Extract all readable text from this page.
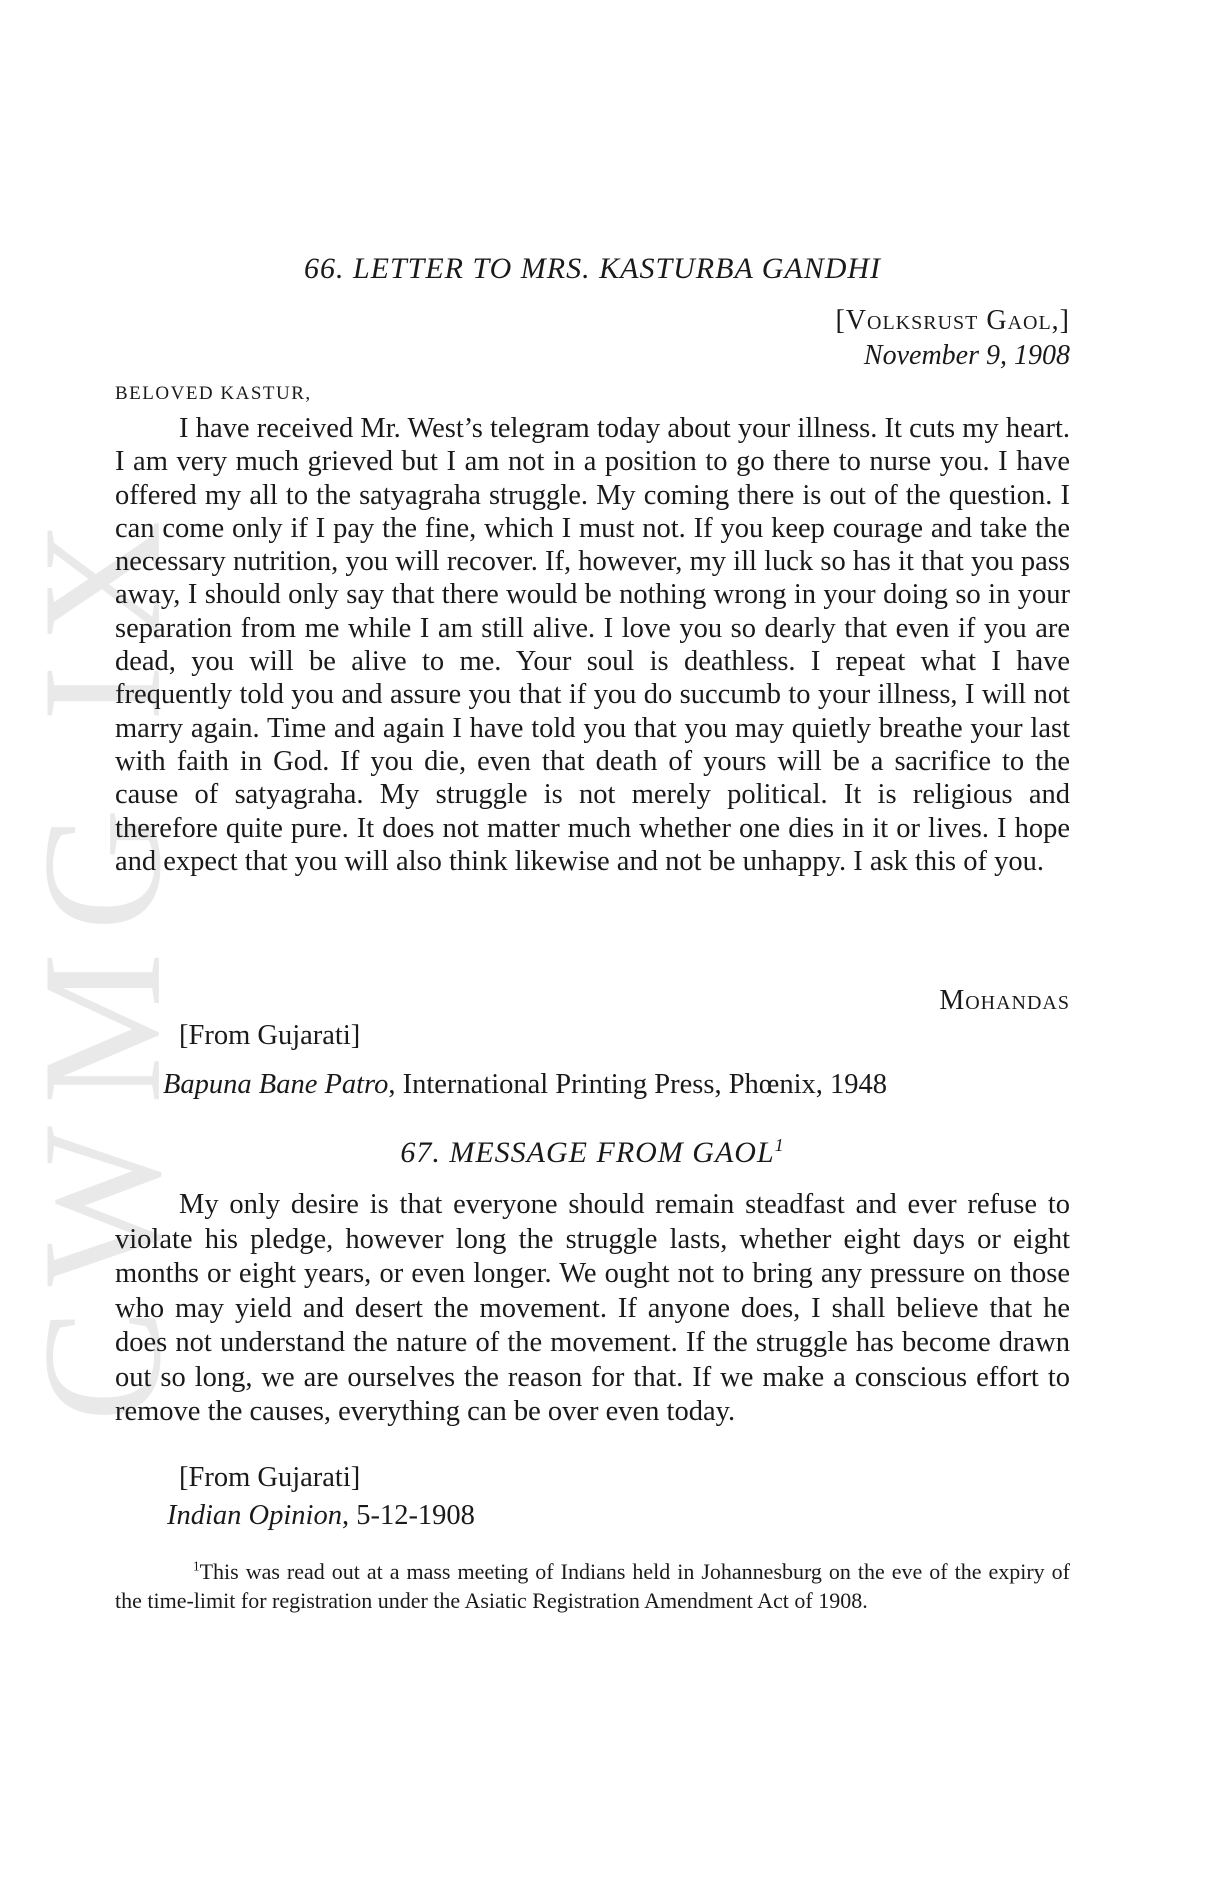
CWMG IX
66. LETTER TO MRS. KASTURBA GANDHI
[Volksrust Gaol,]
November 9, 1908
BELOVED KASTUR,

I have received Mr. West’s telegram today about your illness. It cuts my heart. I am very much grieved but I am not in a position to go there to nurse you. I have offered my all to the satyagraha struggle. My coming there is out of the question. I can come only if I pay the fine, which I must not. If you keep courage and take the necessary nutrition, you will recover. If, however, my ill luck so has it that you pass away, I should only say that there would be nothing wrong in your doing so in your separation from me while I am still alive. I love you so dearly that even if you are dead, you will be alive to me. Your soul is deathless. I repeat what I have frequently told you and assure you that if you do succumb to your illness, I will not marry again. Time and again I have told you that you may quietly breathe your last with faith in God. If you die, even that death of yours will be a sacrifice to the cause of satyagraha. My struggle is not merely political. It is religious and therefore quite pure. It does not matter much whether one dies in it or lives. I hope and expect that you will also think likewise and not be unhappy. I ask this of you.

Mohandas
[From Gujarati]
Bapuna Bane Patro, International Printing Press, Phœnix, 1948
67. MESSAGE FROM GAOL$^1$

My only desire is that everyone should remain steadfast and ever refuse to violate his pledge, however long the struggle lasts, whether eight days or eight months or eight years, or even longer. We ought not to bring any pressure on those who may yield and desert the movement. If anyone does, I shall believe that he does not understand the nature of the movement. If the struggle has become drawn out so long, we are ourselves the reason for that. If we make a conscious effort to remove the causes, everything can be over even today.

[From Gujarati]
Indian Opinion, 5-12-1908

$^1$This was read out at a mass meeting of Indians held in Johannesburg on the eve of the expiry of the time-limit for registration under the Asiatic Registration Amendment Act of 1908.
